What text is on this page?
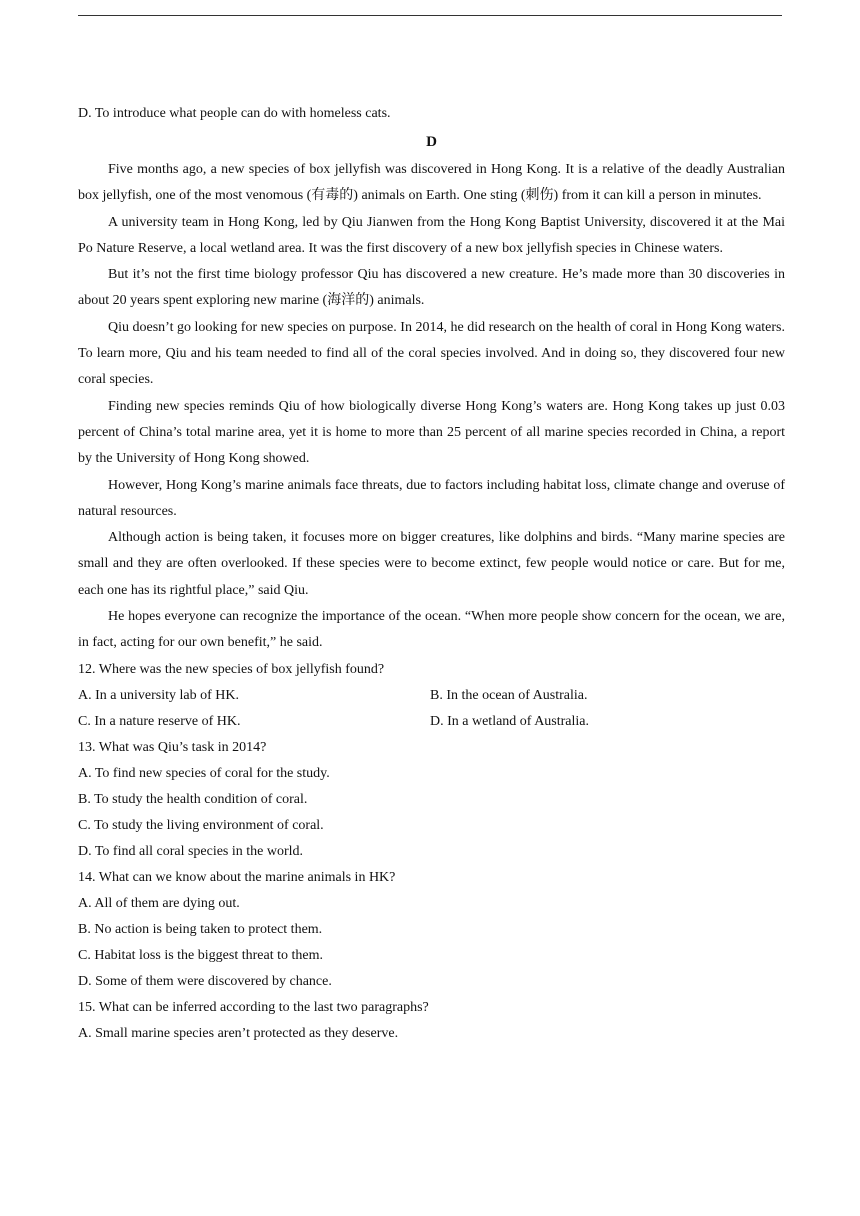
D. To introduce what people can do with homeless cats.

D

Five months ago, a new species of box jellyfish was discovered in Hong Kong. It is a relative of the deadly Australian box jellyfish, one of the most venomous (有毒的) animals on Earth. One sting (刺伤) from it can kill a person in minutes.

A university team in Hong Kong, led by Qiu Jianwen from the Hong Kong Baptist University, discovered it at the Mai Po Nature Reserve, a local wetland area. It was the first discovery of a new box jellyfish species in Chinese waters.

But it’s not the first time biology professor Qiu has discovered a new creature. He’s made more than 30 discoveries in about 20 years spent exploring new marine (海洋的) animals.

Qiu doesn’t go looking for new species on purpose. In 2014, he did research on the health of coral in Hong Kong waters. To learn more, Qiu and his team needed to find all of the coral species involved. And in doing so, they discovered four new coral species.

Finding new species reminds Qiu of how biologically diverse Hong Kong’s waters are. Hong Kong takes up just 0.03 percent of China’s total marine area, yet it is home to more than 25 percent of all marine species recorded in China, a report by the University of Hong Kong showed.

However, Hong Kong’s marine animals face threats, due to factors including habitat loss, climate change and overuse of natural resources.

Although action is being taken, it focuses more on bigger creatures, like dolphins and birds. “Many marine species are small and they are often overlooked. If these species were to become extinct, few people would notice or care. But for me, each one has its rightful place,” said Qiu.

He hopes everyone can recognize the importance of the ocean. “When more people show concern for the ocean, we are, in fact, acting for our own benefit,” he said.

12. Where was the new species of box jellyfish found?

A. In a university lab of HK.	B. In the ocean of Australia.
C. In a nature reserve of HK.	D. In a wetland of Australia.

13. What was Qiu’s task in 2014?

A. To find new species of coral for the study.

B. To study the health condition of coral.

C. To study the living environment of coral.

D. To find all coral species in the world.

14. What can we know about the marine animals in HK?

A. All of them are dying out.

B. No action is being taken to protect them.

C. Habitat loss is the biggest threat to them.

D. Some of them were discovered by chance.

15. What can be inferred according to the last two paragraphs?

A. Small marine species aren’t protected as they deserve.
